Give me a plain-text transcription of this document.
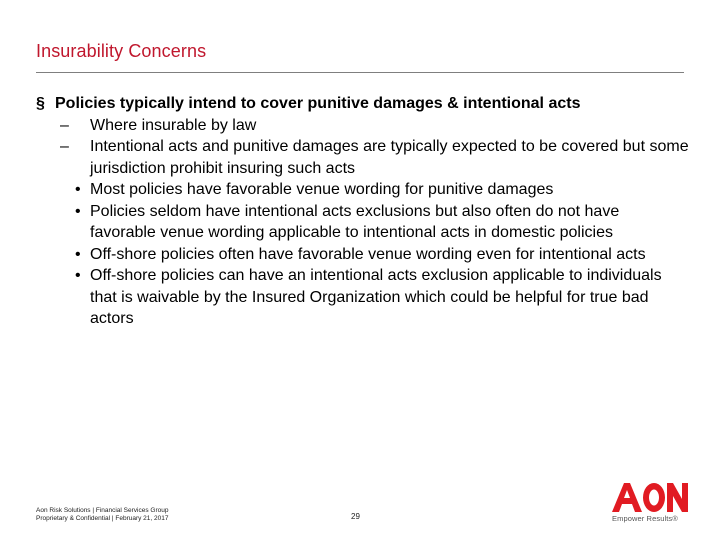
Insurability Concerns
§ Policies typically intend to cover punitive damages & intentional acts
– Where insurable by law
– Intentional acts and punitive damages are typically expected to be covered but some jurisdiction prohibit insuring such acts
• Most policies have favorable venue wording for punitive damages
• Policies seldom have intentional acts exclusions but also often do not have favorable venue wording applicable to intentional acts in domestic policies
• Off-shore policies often have favorable venue wording even for intentional acts
• Off-shore policies can have an intentional acts exclusion applicable to individuals that is waivable by the Insured Organization which could be helpful for true bad actors
Aon Risk Solutions | Financial Services Group
Proprietary & Confidential | February 21, 2017	29	Empower Results®
